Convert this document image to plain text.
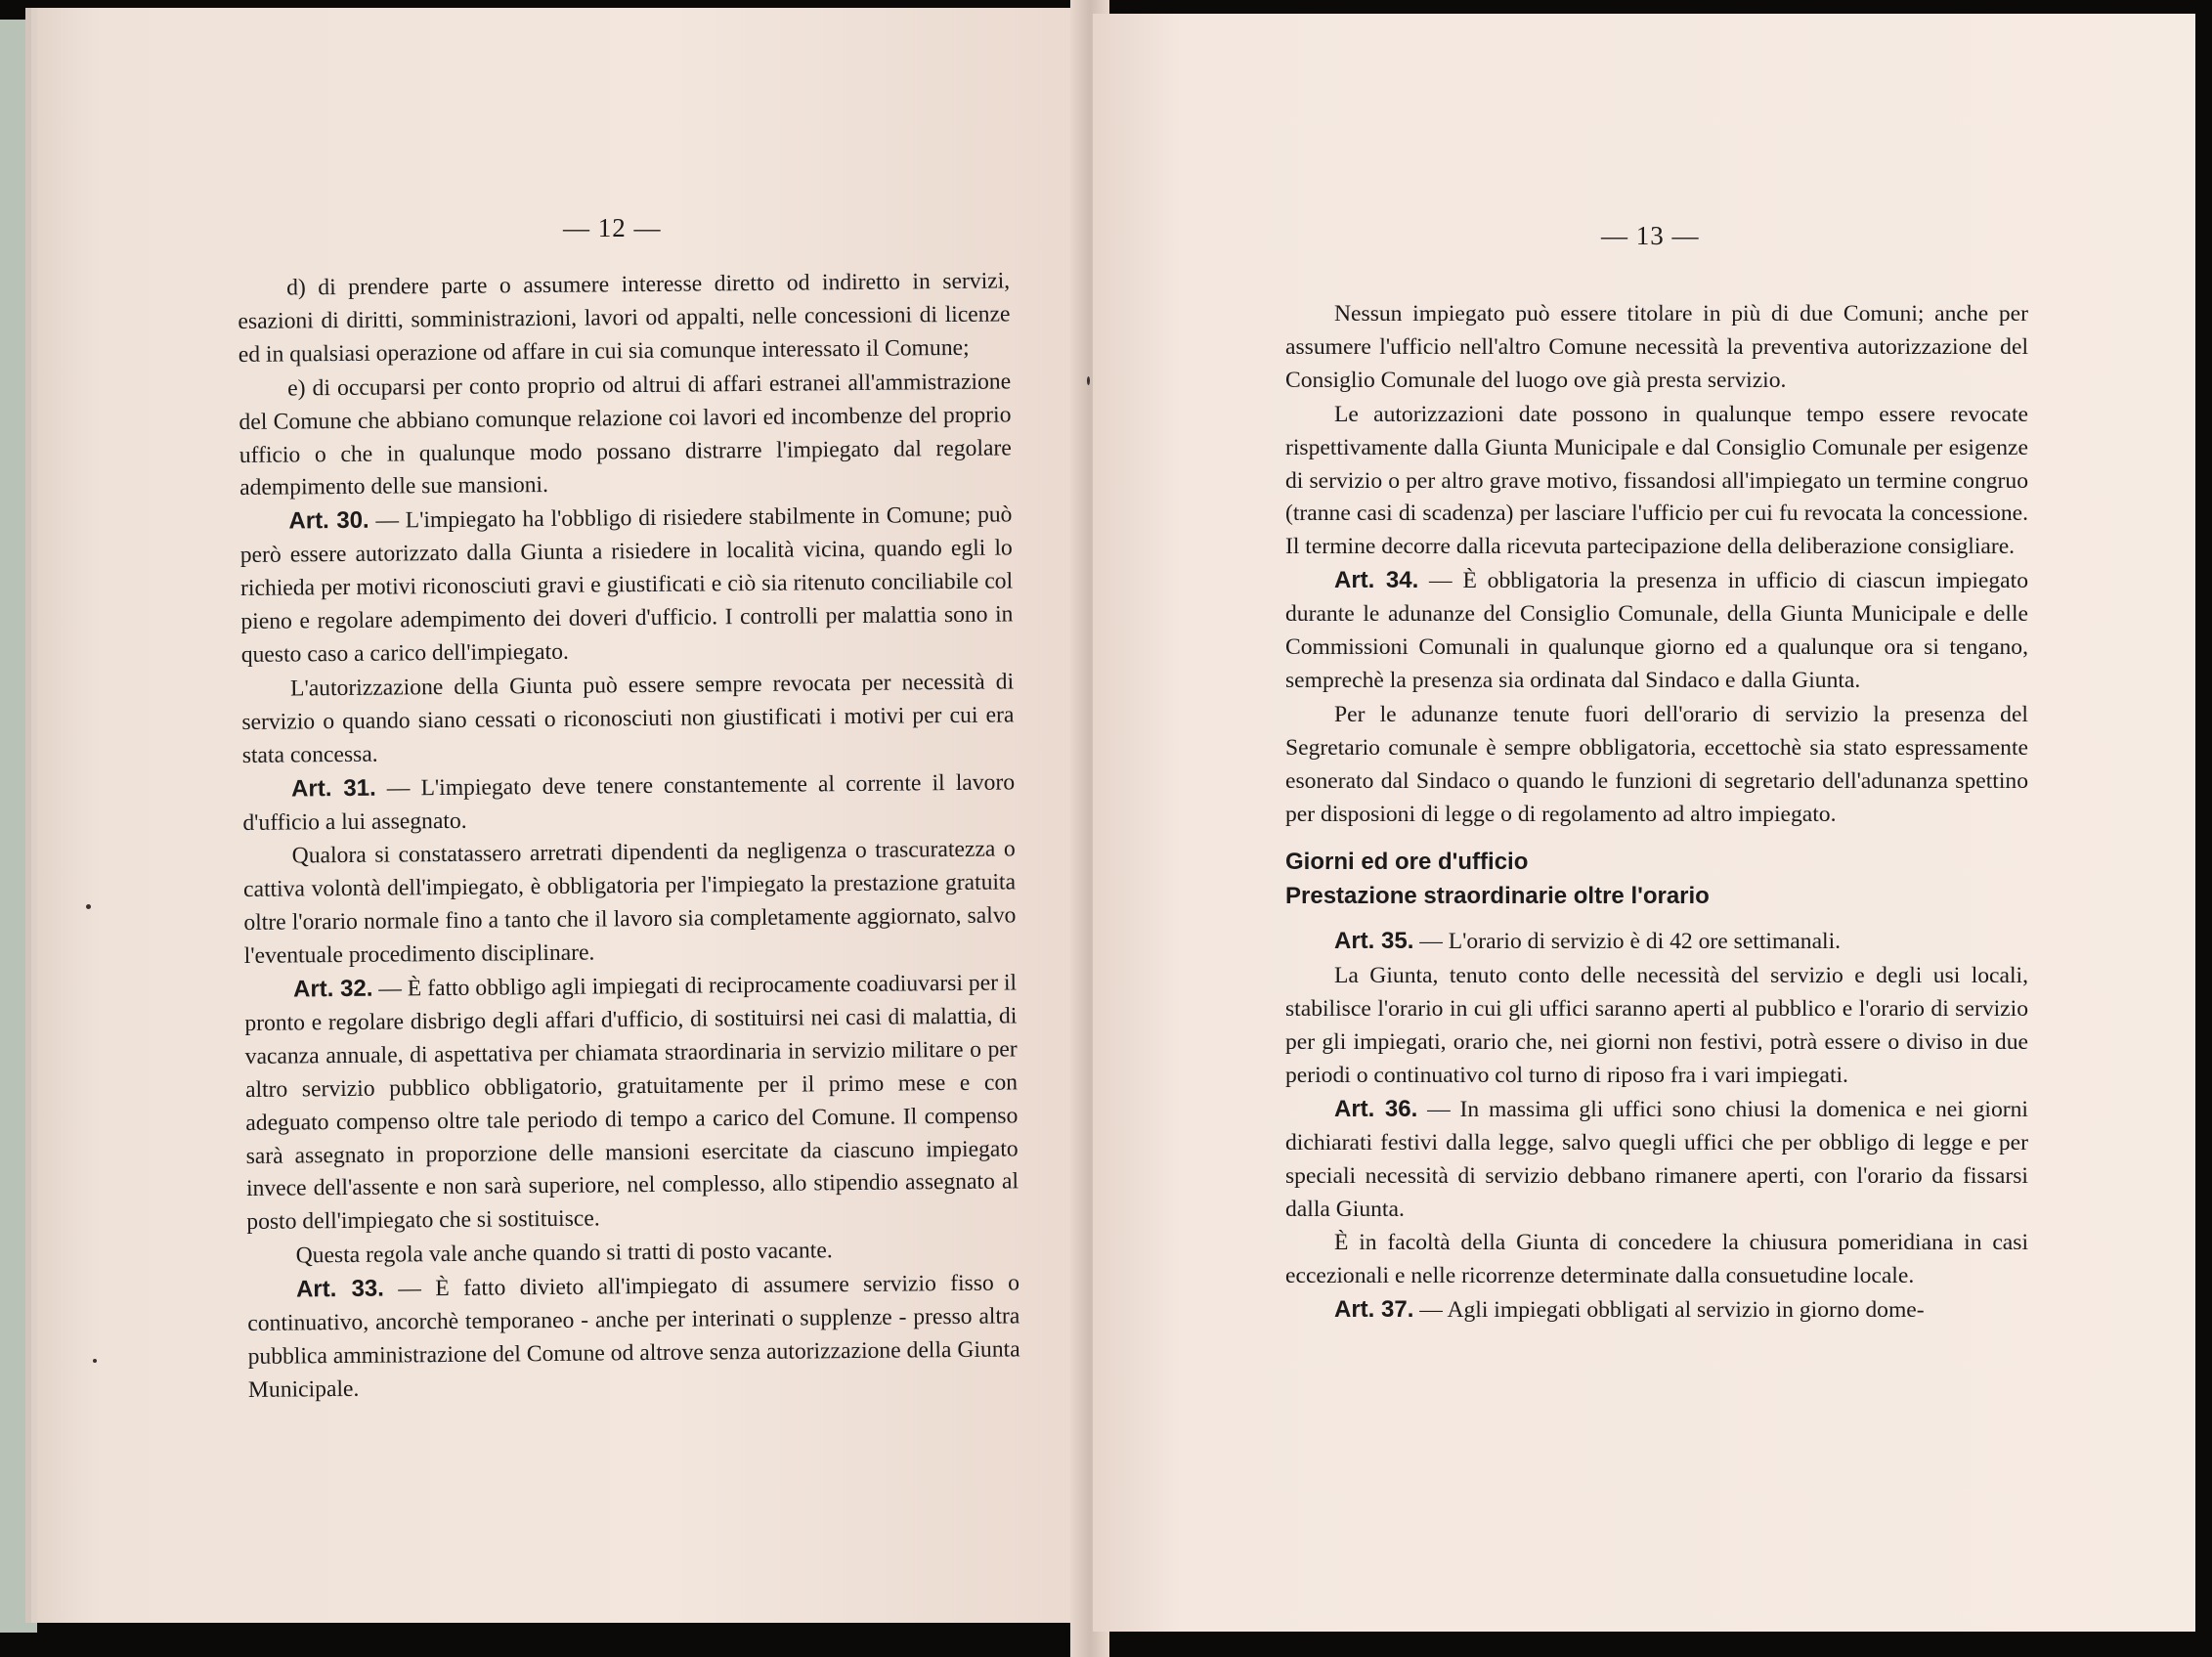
— 12 —

d) di prendere parte o assumere interesse diretto od indiretto in servizi, esazioni di diritti, somministrazioni, lavori od appalti, nelle concessioni di licenze ed in qualsiasi operazione od affare in cui sia comunque interessato il Comune;

e) di occuparsi per conto proprio od altrui di affari estranei all'ammistrazione del Comune che abbiano comunque relazione coi lavori ed incombenze del proprio ufficio o che in qualunque modo possano distrarre l'impiegato dal regolare adempimento delle sue mansioni.

Art. 30. — L'impiegato ha l'obbligo di risiedere stabilmente in Comune; può però essere autorizzato dalla Giunta a risiedere in località vicina, quando egli lo richieda per motivi riconosciuti gravi e giustificati e ciò sia ritenuto conciliabile col pieno e regolare adempimento dei doveri d'ufficio. I controlli per malattia sono in questo caso a carico dell'impiegato.

L'autorizzazione della Giunta può essere sempre revocata per necessità di servizio o quando siano cessati o riconosciuti non giustificati i motivi per cui era stata concessa.

Art. 31. — L'impiegato deve tenere constantemente al corrente il lavoro d'ufficio a lui assegnato.

Qualora si constatassero arretrati dipendenti da negligenza o trascuratezza o cattiva volontà dell'impiegato, è obbligatoria per l'impiegato la prestazione gratuita oltre l'orario normale fino a tanto che il lavoro sia completamente aggiornato, salvo l'eventuale procedimento disciplinare.

Art. 32. — È fatto obbligo agli impiegati di reciprocamente coadiuvarsi per il pronto e regolare disbrigo degli affari d'ufficio, di sostituirsi nei casi di malattia, di vacanza annuale, di aspettativa per chiamata straordinaria in servizio militare o per altro servizio pubblico obbligatorio, gratuitamente per il primo mese e con adeguato compenso oltre tale periodo di tempo a carico del Comune. Il compenso sarà assegnato in proporzione delle mansioni esercitate da ciascuno impiegato invece dell'assente e non sarà superiore, nel complesso, allo stipendio assegnato al posto dell'impiegato che si sostituisce.

Questa regola vale anche quando si tratti di posto vacante.

Art. 33. — È fatto divieto all'impiegato di assumere servizio fisso o continuativo, ancorchè temporaneo - anche per interinati o supplenze - presso altra pubblica amministrazione del Comune od altrove senza autorizzazione della Giunta Municipale.

— 13 —

Nessun impiegato può essere titolare in più di due Comuni; anche per assumere l'ufficio nell'altro Comune necessità la preventiva autorizzazione del Consiglio Comunale del luogo ove già presta servizio.

Le autorizzazioni date possono in qualunque tempo essere revocate rispettivamente dalla Giunta Municipale e dal Consiglio Comunale per esigenze di servizio o per altro grave motivo, fissandosi all'impiegato un termine congruo (tranne casi di scadenza) per lasciare l'ufficio per cui fu revocata la concessione. Il termine decorre dalla ricevuta partecipazione della deliberazione consigliare.

Art. 34. — È obbligatoria la presenza in ufficio di ciascun impiegato durante le adunanze del Consiglio Comunale, della Giunta Municipale e delle Commissioni Comunali in qualunque giorno ed a qualunque ora si tengano, semprechè la presenza sia ordinata dal Sindaco e dalla Giunta.

Per le adunanze tenute fuori dell'orario di servizio la presenza del Segretario comunale è sempre obbligatoria, eccettochè sia stato espressamente esonerato dal Sindaco o quando le funzioni di segretario dell'adunanza spettino per disposioni di legge o di regolamento ad altro impiegato.

Giorni ed ore d'ufficio

Prestazione straordinarie oltre l'orario

Art. 35. — L'orario di servizio è di 42 ore settimanali.

La Giunta, tenuto conto delle necessità del servizio e degli usi locali, stabilisce l'orario in cui gli uffici saranno aperti al pubblico e l'orario di servizio per gli impiegati, orario che, nei giorni non festivi, potrà essere o diviso in due periodi o continuativo col turno di riposo fra i vari impiegati.

Art. 36. — In massima gli uffici sono chiusi la domenica e nei giorni dichiarati festivi dalla legge, salvo quegli uffici che per obbligo di legge e per speciali necessità di servizio debbano rimanere aperti, con l'orario da fissarsi dalla Giunta.

È in facoltà della Giunta di concedere la chiusura pomeridiana in casi eccezionali e nelle ricorrenze determinate dalla consuetudine locale.

Art. 37. — Agli impiegati obbligati al servizio in giorno dome-
